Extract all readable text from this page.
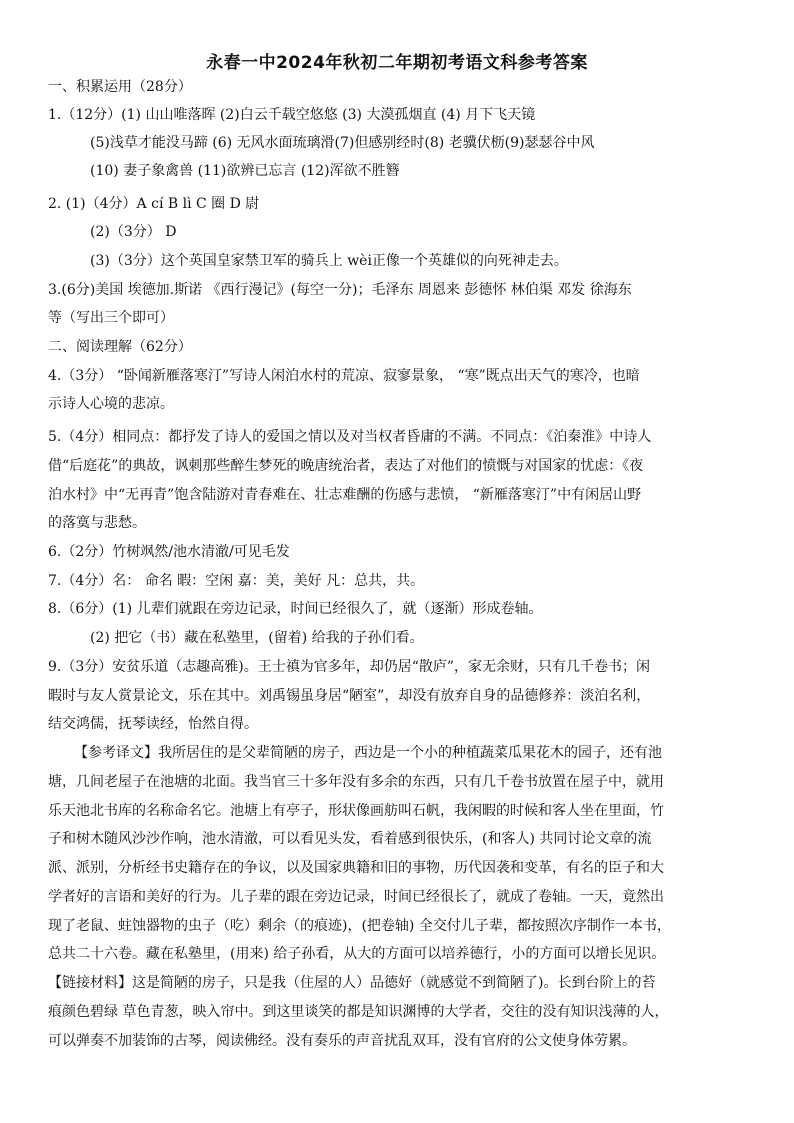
永春一中2024年秋初二年期初考语文科参考答案
一、积累运用（28分）
1.（12分）(1) 山山唯落晖 (2)白云千载空悠悠 (3) 大漠孤烟直 (4) 月下飞天镜
(5)浅草才能没马蹄 (6) 无风水面琉璃滑(7)但感别经时(8) 老骥伏枥(9)瑟瑟谷中风
(10) 妻子象禽兽 (11)欲辨已忘言 (12)浑欲不胜簪
2. (1)（4分）A cí B lì C 圈 D 尉
(2)（3分） D
(3)（3分）这个英国皇家禁卫军的骑兵上 wèi正像一个英雄似的向死神走去。
3.(6分)美国 埃德加.斯诺 《西行漫记》(每空一分)；毛泽东 周恩来 彭德怀 林伯渠 邓发 徐海东
等（写出三个即可）
二、阅读理解（62分）
4.（3分） “卧闻新雁落寒汀”写诗人闲泊水村的荒凉、寂寥景象， “寒”既点出天气的寒冷，也暗
示诗人心境的悲凉。
5.（4分）相同点：都抒发了诗人的爱国之情以及对当权者昏庸的不满。不同点：《泊秦淮》中诗人
借“后庭花”的典故，讽刺那些醉生梦死的晚唐统治者，表达了对他们的愤慨与对国家的忧虑：《夜
泊水村》中“无再青”饱含陆游对青春难在、壮志难酬的伤感与悲愤， “新雁落寒汀”中有闲居山野
的落寞与悲愁。
6.（2分）竹树飒然/池水清澈/可见毛发
7.（4分）名： 命名 暇：空闲 嘉：美，美好 凡：总共，共。
8.（6分）(1) 儿辈们就跟在旁边记录，时间已经很久了，就（逐渐）形成卷轴。
(2) 把它（书）藏在私塾里，(留着) 给我的子孙们看。
9.（3分）安贫乐道（志趣高雅)。王士禛为官多年，却仍居“散庐”，家无余财，只有几千卷书；闲
暇时与友人赏景论文，乐在其中。刘禹锡虽身居“陋室”，却没有放弃自身的品德修养：淡泊名利，
结交鸿儒，抚琴读经，怡然自得。
【参考译文】我所居住的是父辈简陋的房子，西边是一个小的种植蔬菜瓜果花木的园子，还有池
塘，几间老屋子在池塘的北面。我当官三十多年没有多余的东西，只有几千卷书放置在屋子中，就用
乐天池北书库的名称命名它。池塘上有亭子，形状像画舫叫石帆，我闲暇的时候和客人坐在里面，竹
子和树木随风沙沙作响，池水清澈，可以看见头发，看着感到很快乐，(和客人) 共同讨论文章的流
派、派别，分析经书史籍存在的争议，以及国家典籍和旧的事物，历代因袭和变革，有名的臣子和大
学者好的言语和美好的行为。儿子辈的跟在旁边记录，时间已经很长了，就成了卷轴。一天，竟然出
现了老鼠、蛀蚀器物的虫子（吃）剩余（的痕迹)，(把卷轴) 全交付儿子辈，都按照次序制作一本书，
总共二十六卷。藏在私塾里，(用来) 给子孙看，从大的方面可以培养德行，小的方面可以增长见识。
【链接材料】这是简陋的房子，只是我（住屋的人）品德好（就感觉不到简陋了)。长到台阶上的苔
痕颜色碧绿 草色青葱，映入帘中。到这里谈笑的都是知识渊博的大学者，交往的没有知识浅薄的人，
可以弹奏不加装饰的古琴，阅读佛经。没有奏乐的声音扰乱双耳，没有官府的公文使身体劳累。
